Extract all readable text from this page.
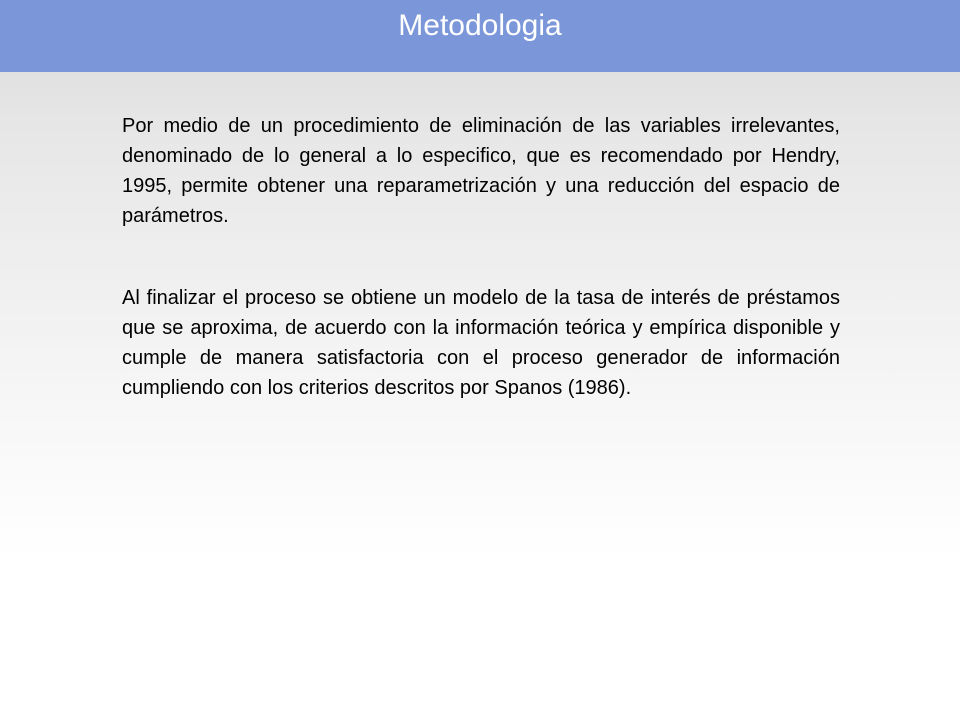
Metodologia

Por medio de un procedimiento de eliminación de las variables irrelevantes, denominado de lo general a lo especifico, que es recomendado por Hendry, 1995, permite obtener una reparametrización y una reducción del espacio de parámetros.

Al finalizar el proceso se obtiene un modelo de la tasa de interés de préstamos que se aproxima, de acuerdo con la información teórica y empírica disponible y cumple de manera satisfactoria con el proceso generador de información cumpliendo con los criterios descritos por Spanos (1986).
